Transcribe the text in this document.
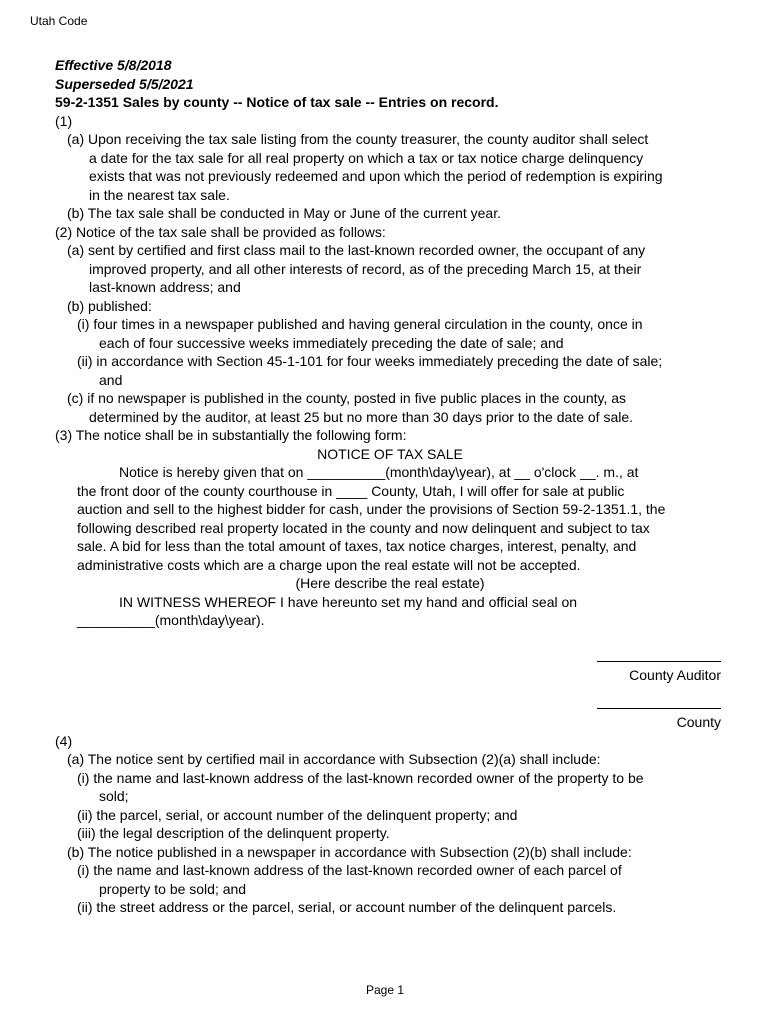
Utah Code
Effective 5/8/2018
Superseded 5/5/2021
59-2-1351 Sales by county -- Notice of tax sale -- Entries on record.
(1)
(a) Upon receiving the tax sale listing from the county treasurer, the county auditor shall select
a date for the tax sale for all real property on which a tax or tax notice charge delinquency
exists that was not previously redeemed and upon which the period of redemption is expiring
in the nearest tax sale.
(b) The tax sale shall be conducted in May or June of the current year.
(2) Notice of the tax sale shall be provided as follows:
(a) sent by certified and first class mail to the last-known recorded owner, the occupant of any
improved property, and all other interests of record, as of the preceding March 15, at their
last-known address; and
(b) published:
(i) four times in a newspaper published and having general circulation in the county, once in
each of four successive weeks immediately preceding the date of sale; and
(ii) in accordance with Section 45-1-101 for four weeks immediately preceding the date of sale;
and
(c) if no newspaper is published in the county, posted in five public places in the county, as
determined by the auditor, at least 25 but no more than 30 days prior to the date of sale.
(3) The notice shall be in substantially the following form:
NOTICE OF TAX SALE
Notice is hereby given that on __________(month\day\year), at __ o'clock __. m., at
the front door of the county courthouse in ____ County, Utah, I will offer for sale at public
auction and sell to the highest bidder for cash, under the provisions of Section 59-2-1351.1, the
following described real property located in the county and now delinquent and subject to tax
sale. A bid for less than the total amount of taxes, tax notice charges, interest, penalty, and
administrative costs which are a charge upon the real estate will not be accepted.
(Here describe the real estate)
IN WITNESS WHEREOF I have hereunto set my hand and official seal on
__________(month\day\year).
County Auditor
County
(4)
(a) The notice sent by certified mail in accordance with Subsection (2)(a) shall include:
(i) the name and last-known address of the last-known recorded owner of the property to be
sold;
(ii) the parcel, serial, or account number of the delinquent property; and
(iii) the legal description of the delinquent property.
(b) The notice published in a newspaper in accordance with Subsection (2)(b) shall include:
(i) the name and last-known address of the last-known recorded owner of each parcel of
property to be sold; and
(ii) the street address or the parcel, serial, or account number of the delinquent parcels.
Page 1
